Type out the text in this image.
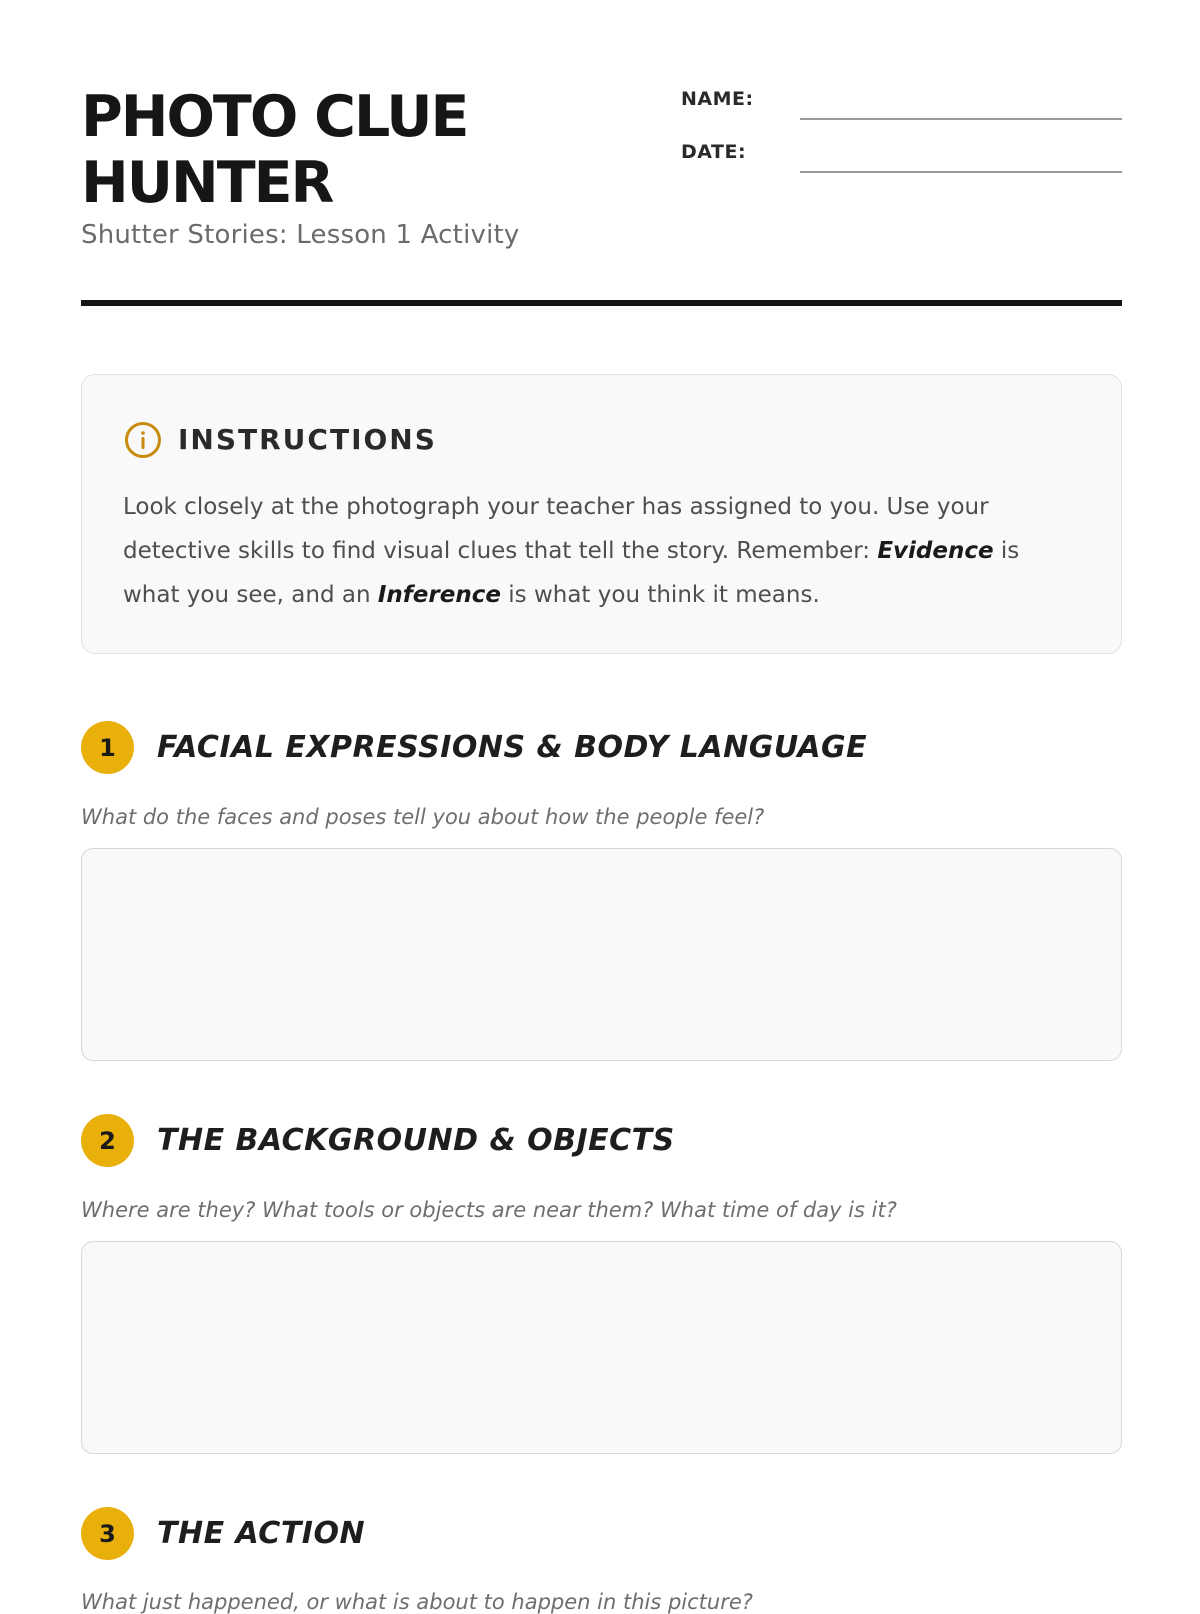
PHOTO CLUE HUNTER
Shutter Stories: Lesson 1 Activity
NAME:
DATE:
INSTRUCTIONS

Look closely at the photograph your teacher has assigned to you. Use your detective skills to find visual clues that tell the story. Remember: Evidence is what you see, and an Inference is what you think it means.

1	FACIAL EXPRESSIONS & BODY LANGUAGE
What do the faces and poses tell you about how the people feel?
2	THE BACKGROUND & OBJECTS
Where are they? What tools or objects are near them? What time of day is it?
3	THE ACTION
What just happened, or what is about to happen in this picture?
